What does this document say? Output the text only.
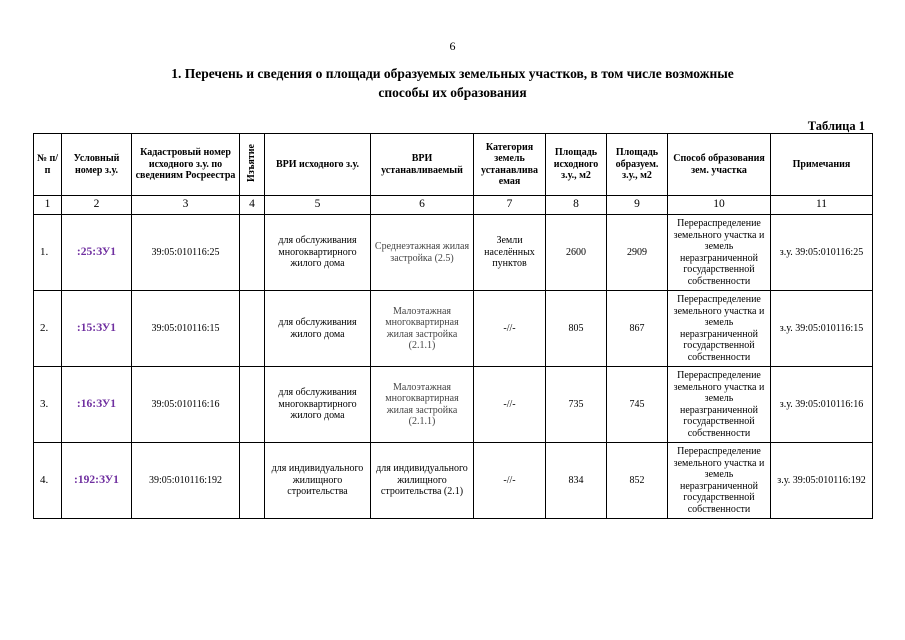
6
1. Перечень и сведения о площади образуемых земельных участков, в том числе возможные
способы их образования
Таблица 1
№ п/п	Условный номер з.у.	Кадастровый номер исходного з.у. по сведениям Росреестра	Изъятие	ВРИ исходного з.у.	ВРИ устанавливаемый	Категория земель устанавлива емая	Площадь исходного з.у., м2	Площадь образуем. з.у., м2	Способ образования зем. участка	Примечания
1	2	3	4	5	6	7	8	9	10	11
1.	:25:ЗУ1	39:05:010116:25		для обслуживания многоквартирного жилого дома	Среднеэтажная жилая застройка (2.5)	Земли населённых пунктов	2600	2909	Перераспределение земельного участка и земель неразграниченной государственной собственности	з.у. 39:05:010116:25
2.	:15:ЗУ1	39:05:010116:15		для обслуживания жилого дома	Малоэтажная многоквартирная жилая застройка (2.1.1)	-//-	805	867	Перераспределение земельного участка и земель неразграниченной государственной собственности	з.у. 39:05:010116:15
3.	:16:ЗУ1	39:05:010116:16		для обслуживания многоквартирного жилого дома	Малоэтажная многоквартирная жилая застройка (2.1.1)	-//-	735	745	Перераспределение земельного участка и земель неразграниченной государственной собственности	з.у. 39:05:010116:16
4.	:192:ЗУ1	39:05:010116:192		для индивидуального жилищного строительства	для индивидуального жилищного строительства (2.1)	-//-	834	852	Перераспределение земельного участка и земель неразграниченной государственной собственности	з.у. 39:05:010116:192
